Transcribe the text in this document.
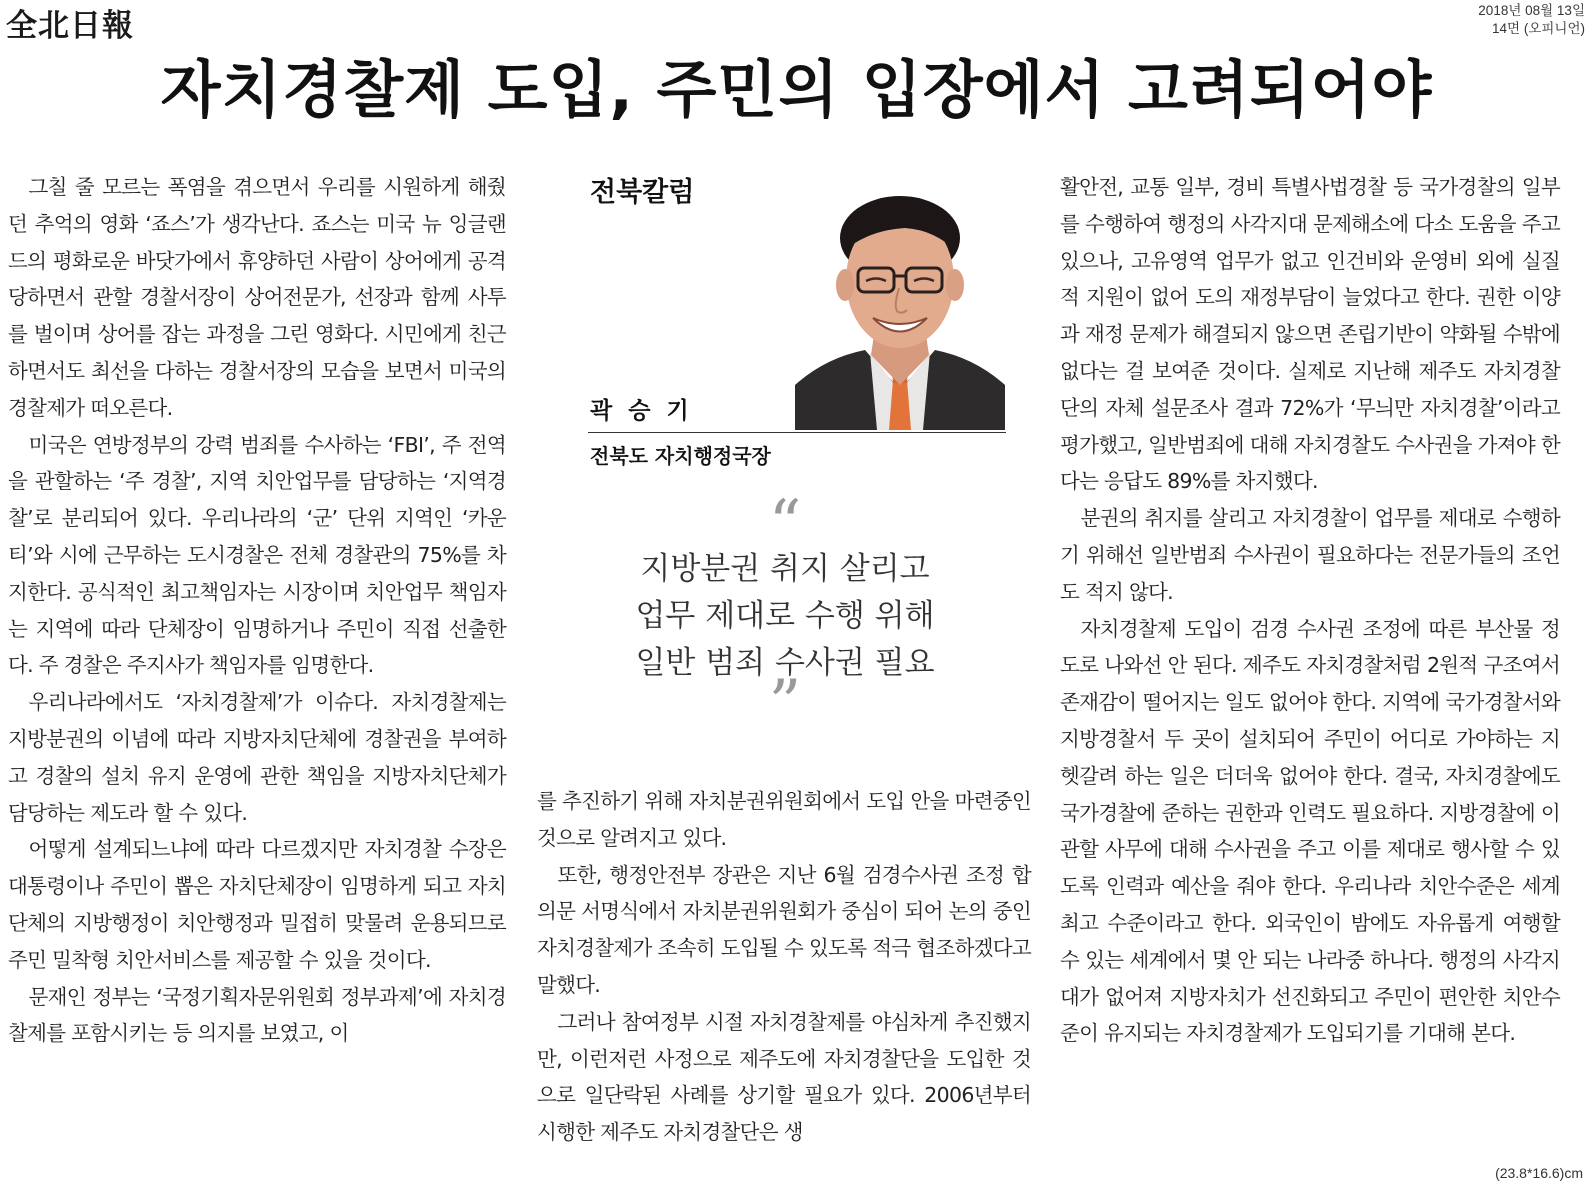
全北日報	2018년 08월 13일
14면 (오피니언)
자치경찰제 도입, 주민의 입장에서 고려되어야

그칠 줄 모르는 폭염을 겪으면서 우리를 시원하게 해줬던 추억의 영화 ‘죠스’가 생각난다. 죠스는 미국 뉴 잉글랜드의 평화로운 바닷가에서 휴양하던 사람이 상어에게 공격 당하면서 관할 경찰서장이 상어전문가, 선장과 함께 사투를 벌이며 상어를 잡는 과정을 그린 영화다. 시민에게 친근하면서도 최선을 다하는 경찰서장의 모습을 보면서 미국의 경찰제가 떠오른다.

미국은 연방정부의 강력 범죄를 수사하는 ‘FBI’, 주 전역을 관할하는 ‘주 경찰’, 지역 치안업무를 담당하는 ‘지역경찰’로 분리되어 있다. 우리나라의 ‘군’ 단위 지역인 ‘카운티’와 시에 근무하는 도시경찰은 전체 경찰관의 75%를 차지한다. 공식적인 최고책임자는 시장이며 치안업무 책임자는 지역에 따라 단체장이 임명하거나 주민이 직접 선출한다. 주 경찰은 주지사가 책임자를 임명한다.

우리나라에서도 ‘자치경찰제’가 이슈다. 자치경찰제는 지방분권의 이념에 따라 지방자치단체에 경찰권을 부여하고 경찰의 설치 유지 운영에 관한 책임을 지방자치단체가 담당하는 제도라 할 수 있다.

어떻게 설계되느냐에 따라 다르겠지만 자치경찰 수장은 대통령이나 주민이 뽑은 자치단체장이 임명하게 되고 자치단체의 지방행정이 치안행정과 밀접히 맞물려 운용되므로 주민 밀착형 치안서비스를 제공할 수 있을 것이다.

문재인 정부는 ‘국정기획자문위원회 정부과제’에 자치경찰제를 포함시키는 등 의지를 보였고, 이

전북칼럼
곽 승 기
전북도 자치행정국장
“
지방분권 취지 살리고
업무 제대로 수행 위해
일반 범죄 수사권 필요
”

를 추진하기 위해 자치분권위원회에서 도입 안을 마련중인 것으로 알려지고 있다.

또한, 행정안전부 장관은 지난 6월 검경수사권 조정 합의문 서명식에서 자치분권위원회가 중심이 되어 논의 중인 자치경찰제가 조속히 도입될 수 있도록 적극 협조하겠다고 말했다.

그러나 참여정부 시절 자치경찰제를 야심차게 추진했지만, 이런저런 사정으로 제주도에 자치경찰단을 도입한 것으로 일단락된 사례를 상기할 필요가 있다. 2006년부터 시행한 제주도 자치경찰단은 생

활안전, 교통 일부, 경비 특별사법경찰 등 국가경찰의 일부를 수행하여 행정의 사각지대 문제해소에 다소 도움을 주고 있으나, 고유영역 업무가 없고 인건비와 운영비 외에 실질적 지원이 없어 도의 재정부담이 늘었다고 한다. 권한 이양과 재정 문제가 해결되지 않으면 존립기반이 약화될 수밖에 없다는 걸 보여준 것이다. 실제로 지난해 제주도 자치경찰단의 자체 설문조사 결과 72%가 ‘무늬만 자치경찰’이라고 평가했고, 일반범죄에 대해 자치경찰도 수사권을 가져야 한다는 응답도 89%를 차지했다.

분권의 취지를 살리고 자치경찰이 업무를 제대로 수행하기 위해선 일반범죄 수사권이 필요하다는 전문가들의 조언도 적지 않다.

자치경찰제 도입이 검경 수사권 조정에 따른 부산물 정도로 나와선 안 된다. 제주도 자치경찰처럼 2원적 구조여서 존재감이 떨어지는 일도 없어야 한다. 지역에 국가경찰서와 지방경찰서 두 곳이 설치되어 주민이 어디로 가야하는 지 헷갈려 하는 일은 더더욱 없어야 한다. 결국, 자치경찰에도 국가경찰에 준하는 권한과 인력도 필요하다. 지방경찰에 이관할 사무에 대해 수사권을 주고 이를 제대로 행사할 수 있도록 인력과 예산을 줘야 한다. 우리나라 치안수준은 세계 최고 수준이라고 한다. 외국인이 밤에도 자유롭게 여행할 수 있는 세계에서 몇 안 되는 나라중 하나다. 행정의 사각지대가 없어져 지방자치가 선진화되고 주민이 편안한 치안수준이 유지되는 자치경찰제가 도입되기를 기대해 본다.

(23.8*16.6)cm
